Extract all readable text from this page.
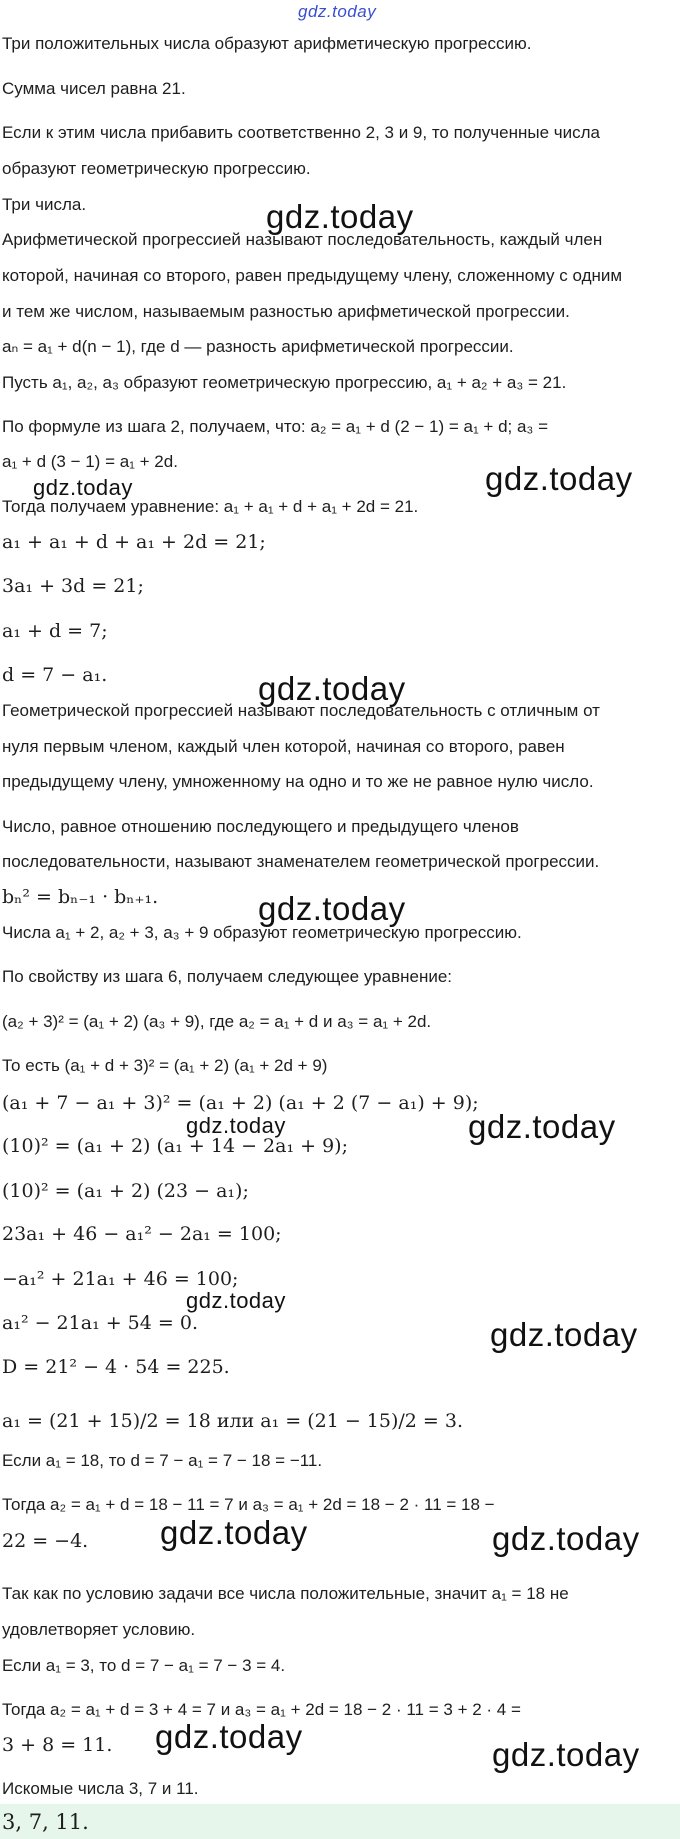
gdz.today
Три положительных числа образуют арифметическую прогрессию.
Сумма чисел равна 21.
Если к этим числа прибавить соответственно 2, 3 и 9, то полученные числа
образуют геометрическую прогрессию.
Три числа.
Арифметической прогрессией называют последовательность, каждый член
которой, начиная со второго, равен предыдущему члену, сложенному с одним
и тем же числом, называемым разностью арифметической прогрессии.
aₙ = a₁ + d(n − 1), где d — разность арифметической прогрессии.
Пусть a₁, a₂, a₃ образуют геометрическую прогрессию, a₁ + a₂ + a₃ = 21.
По формуле из шага 2, получаем, что: a₂ = a₁ + d (2 − 1) = a₁ + d; a₃ =
a₁ + d (3 − 1) = a₁ + 2d.
Тогда получаем уравнение: a₁ + a₁ + d + a₁ + 2d = 21.
a₁ + a₁ + d + a₁ + 2d = 21;
3a₁ + 3d = 21;
a₁ + d = 7;
d = 7 − a₁.
Геометрической прогрессией называют последовательность с отличным от
нуля первым членом, каждый член которой, начиная со второго, равен
предыдущему члену, умноженному на одно и то же не равное нулю число.
Число, равное отношению последующего и предыдущего членов
последовательности, называют знаменателем геометрической прогрессии.
bₙ² = bₙ₋₁ · bₙ₊₁.
Числа a₁ + 2, a₂ + 3, a₃ + 9 образуют геометрическую прогрессию.
По свойству из шага 6, получаем следующее уравнение:
(a₂ + 3)² = (a₁ + 2) (a₃ + 9), где a₂ = a₁ + d и a₃ = a₁ + 2d.
То есть (a₁ + d + 3)² = (a₁ + 2) (a₁ + 2d + 9)
(a₁ + 7 − a₁ + 3)² = (a₁ + 2) (a₁ + 2 (7 − a₁) + 9);
(10)² = (a₁ + 2) (a₁ + 14 − 2a₁ + 9);
(10)² = (a₁ + 2) (23 − a₁);
23a₁ + 46 − a₁² − 2a₁ = 100;
−a₁² + 21a₁ + 46 = 100;
a₁² − 21a₁ + 54 = 0.
D = 21² − 4 · 54 = 225.
a₁ = (21 + 15)/2 = 18 или a₁ = (21 − 15)/2 = 3.
Если a₁ = 18, то d = 7 − a₁ = 7 − 18 = −11.
Тогда a₂ = a₁ + d = 18 − 11 = 7 и a₃ = a₁ + 2d = 18 − 2 · 11 = 18 −
22 = −4.
Так как по условию задачи все числа положительные, значит a₁ = 18 не
удовлетворяет условию.
Если a₁ = 3, то d = 7 − a₁ = 7 − 3 = 4.
Тогда a₂ = a₁ + d = 3 + 4 = 7 и a₃ = a₁ + 2d = 18 − 2 · 11 = 3 + 2 · 4 =
3 + 8 = 11.
Искомые числа 3, 7 и 11.
3, 7, 11.
gdz.today
gdz.today	gdz.today
gdz.today
gdz.today
gdz.today	gdz.today
gdz.today
gdz.today
gdz.today	gdz.today
gdz.today	gdz.today
